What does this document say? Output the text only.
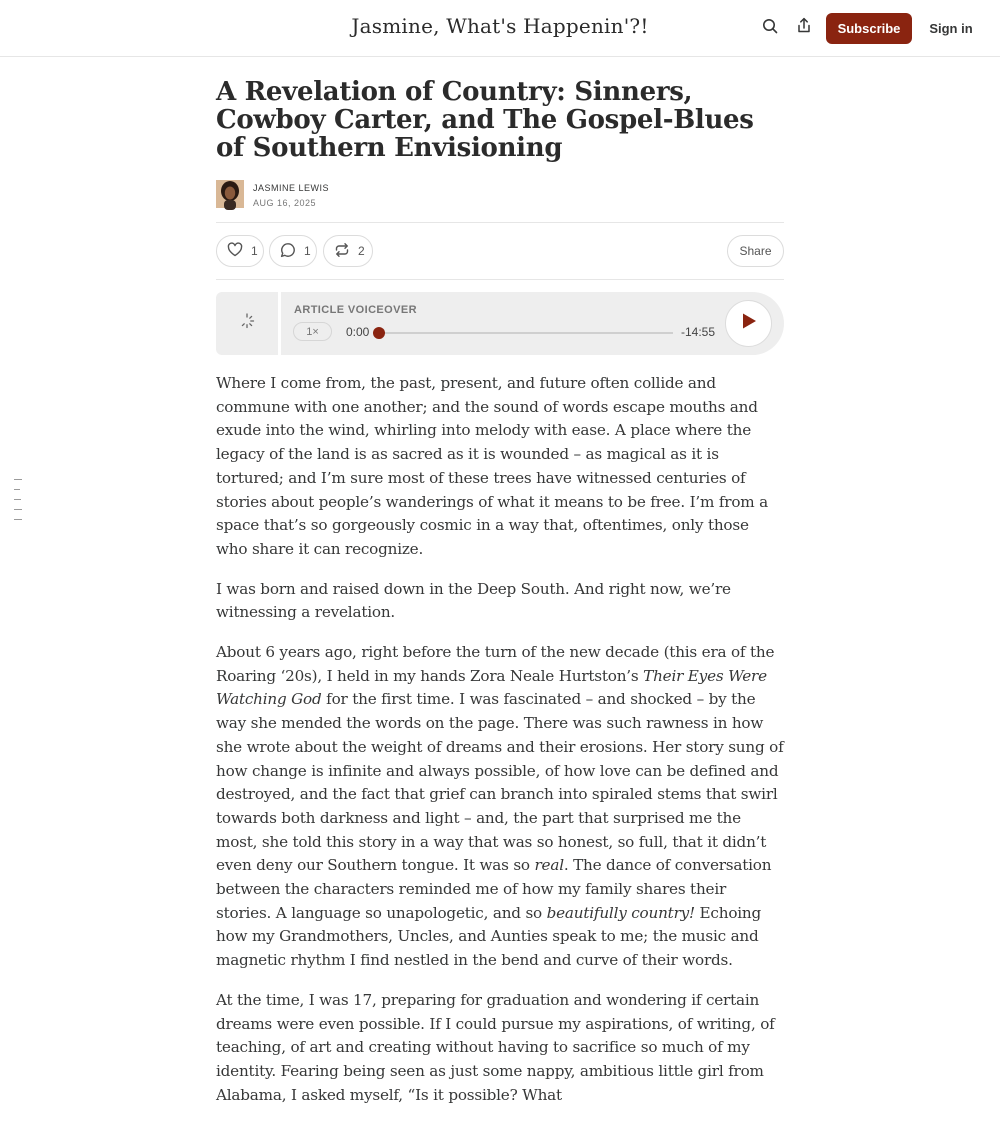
Jasmine, What's Happenin'?!	Subscribe	Sign in
A Revelation of Country: Sinners, Cowboy Carter, and The Gospel-Blues of Southern Envisioning
JASMINE LEWIS
AUG 16, 2025
1	1	2	Share
ARTICLE VOICEOVER
1×	0:00	-14:55

Where I come from, the past, present, and future often collide and commune with one another; and the sound of words escape mouths and exude into the wind, whirling into melody with ease. A place where the legacy of the land is as sacred as it is wounded – as magical as it is tortured; and I’m sure most of these trees have witnessed centuries of stories about people’s wanderings of what it means to be free. I’m from a space that’s so gorgeously cosmic in a way that, oftentimes, only those who share it can recognize.

I was born and raised down in the Deep South. And right now, we’re witnessing a revelation.

About 6 years ago, right before the turn of the new decade (this era of the Roaring ‘20s), I held in my hands Zora Neale Hurtston’s Their Eyes Were Watching God for the first time. I was fascinated – and shocked – by the way she mended the words on the page. There was such rawness in how she wrote about the weight of dreams and their erosions. Her story sung of how change is infinite and always possible, of how love can be defined and destroyed, and the fact that grief can branch into spiraled stems that swirl towards both darkness and light – and, the part that surprised me the most, she told this story in a way that was so honest, so full, that it didn’t even deny our Southern tongue. It was so real. The dance of conversation between the characters reminded me of how my family shares their stories. A language so unapologetic, and so beautifully country! Echoing how my Grandmothers, Uncles, and Aunties speak to me; the music and magnetic rhythm I find nestled in the bend and curve of their words.

At the time, I was 17, preparing for graduation and wondering if certain dreams were even possible. If I could pursue my aspirations, of writing, of teaching, of art and creating without having to sacrifice so much of my identity. Fearing being seen as just some nappy, ambitious little girl from Alabama, I asked myself, “Is it possible? What
